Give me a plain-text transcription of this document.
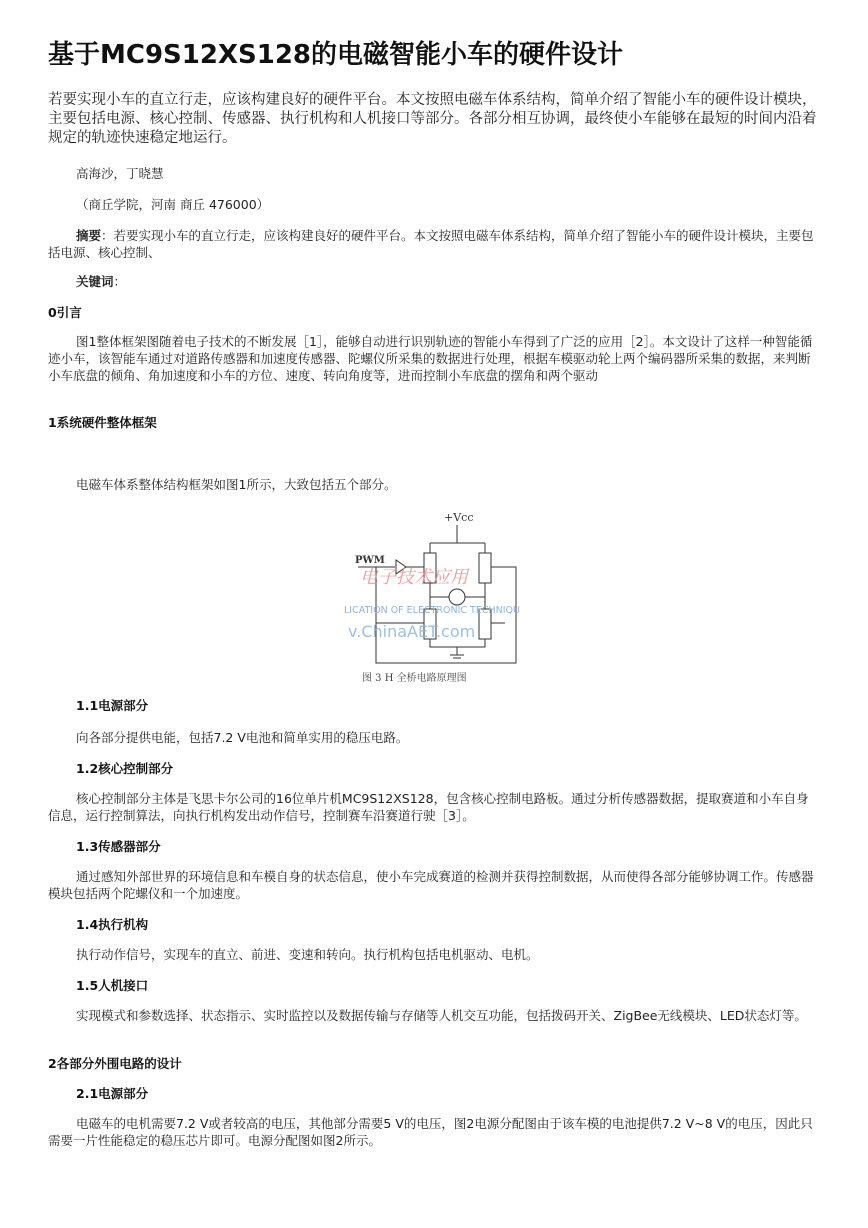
基于MC9S12XS128的电磁智能小车的硬件设计

若要实现小车的直立行走，应该构建良好的硬件平台。本文按照电磁车体系结构，简单介绍了智能小车的硬件设计模块，主要包括电源、核心控制、传感器、执行机构和人机接口等部分。各部分相互协调，最终使小车能够在最短的时间内沿着规定的轨迹快速稳定地运行。

高海沙，丁晓慧

（商丘学院，河南 商丘 476000）

摘要：若要实现小车的直立行走，应该构建良好的硬件平台。本文按照电磁车体系结构，简单介绍了智能小车的硬件设计模块，主要包括电源、核心控制、

关键词：

0引言

图1整体框架图随着电子技术的不断发展［1］，能够自动进行识别轨迹的智能小车得到了广泛的应用［2］。本文设计了这样一种智能循迹小车，该智能车通过对道路传感器和加速度传感器、陀螺仪所采集的数据进行处理，根据车模驱动轮上两个编码器所采集的数据，来判断小车底盘的倾角、角加速度和小车的方位、速度、转向角度等，进而控制小车底盘的摆角和两个驱动

1系统硬件整体框架

电磁车体系整体结构框架如图1所示，大致包括五个部分。

+Vcc
PWM
电子技术应用
LICATION OF ELECTRONIC TECHNIQU
v.ChinaAET.com
图 3 H 全桥电路原理图

1.1电源部分

向各部分提供电能，包括7.2 V电池和简单实用的稳压电路。

1.2核心控制部分

核心控制部分主体是飞思卡尔公司的16位单片机MC9S12XS128，包含核心控制电路板。通过分析传感器数据，提取赛道和小车自身信息，运行控制算法，向执行机构发出动作信号，控制赛车沿赛道行驶［3］。

1.3传感器部分

通过感知外部世界的环境信息和车模自身的状态信息，使小车完成赛道的检测并获得控制数据，从而使得各部分能够协调工作。传感器模块包括两个陀螺仪和一个加速度。

1.4执行机构

执行动作信号，实现车的直立、前进、变速和转向。执行机构包括电机驱动、电机。

1.5人机接口

实现模式和参数选择、状态指示、实时监控以及数据传输与存储等人机交互功能，包括拨码开关、ZigBee无线模块、LED状态灯等。

2各部分外围电路的设计

2.1电源部分

电磁车的电机需要7.2 V或者较高的电压，其他部分需要5 V的电压，图2电源分配图由于该车模的电池提供7.2 V~8 V的电压，因此只需要一片性能稳定的稳压芯片即可。电源分配图如图2所示。
